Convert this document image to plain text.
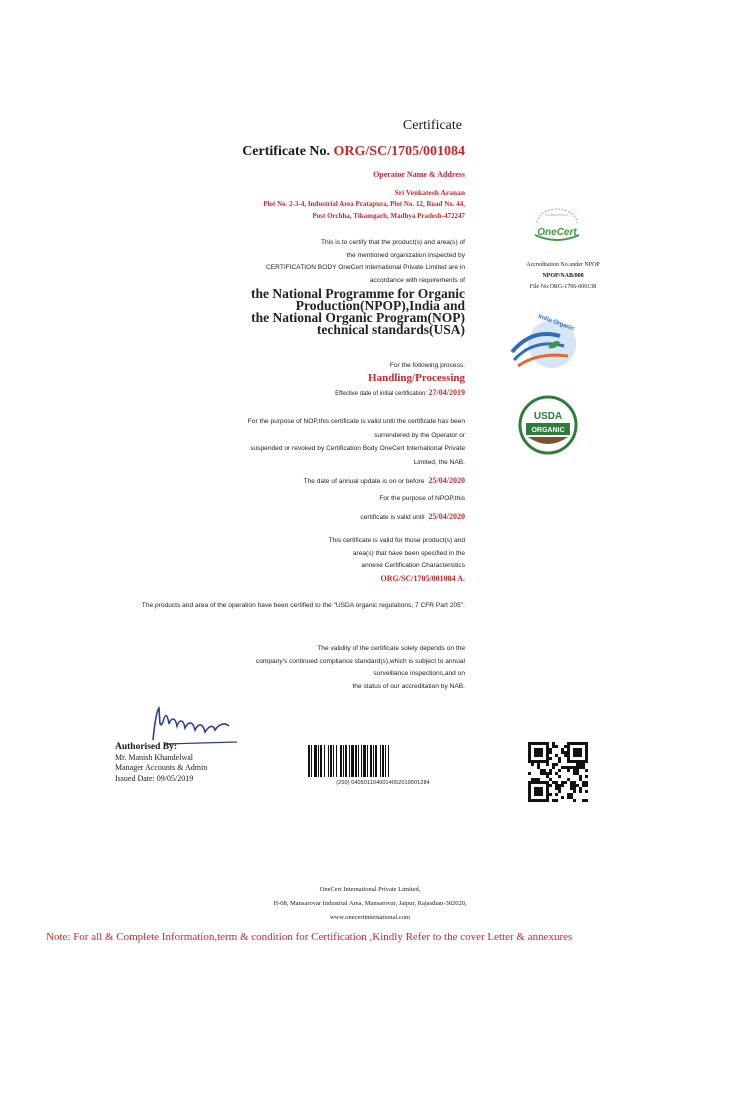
Certificate
Certificate No. ORG/SC/1705/001084
Operator Name & Address
Sri Venkatesh Aranan
Plot No. 2-3-4, Industrial Area Pratapura, Plot No. 12, Road No. 44,
Post Orchha, Tikamgarh, Madhya Pradesh-472247
This is to certify that the product(s) and area(s) of
the mentioned organization inspected by
CERTIFICATION BODY OneCert International Private Limited are in
accordance with requirements of
the National Programme for Organic
Production(NPOP),India and
the National Organic Program(NOP)
technical standards(USA)
For the following process:
Handling/Processing
Effective date of initial certification: 27/04/2019
For the purpose of NOP,this certificate is valid until the certificate has been
surrendered by the Operator or
suspended or revoked by Certification Body OneCert International Private
Limited, the NAB.
The date of annual update is on or before 25/04/2020
For the purpose of NPOP,this
certificate is valid until 25/04/2020
This certificate is valid for those product(s) and
area(s) that have been specified in the
annexe Certification Characteristics
ORG/SC/1705/001084 A.
The products and area of the operation have been certified to the "USDA organic regulations, 7 CFR Part 205".
The validity of the certificate solely depends on the
company's continued compliance standard(s),which is subject to annual
surveillance inspections,and on
the status of our accreditation by NAB.
Authorised By:
Mr. Manish Khandelwal
Manager Accounts & Admin
Issued Date: 09/05/2019
(250) 0405011040014052019001284
OneCert
INTERNATIONAL
Accreditation No.under NPOP
NPOP/NAB/008
File No:ORG-1706-000138
India Organic
USDA
ORGANIC
OneCert International Private Limited,
H-08, Mansarovar Industrial Area, Mansarovar, Jaipur, Rajasthan-302020,
www.onecertinternational.com
Note: For all & Complete Information,term & condition for Certification ,Kindly Refer to the cover Letter & annexures
